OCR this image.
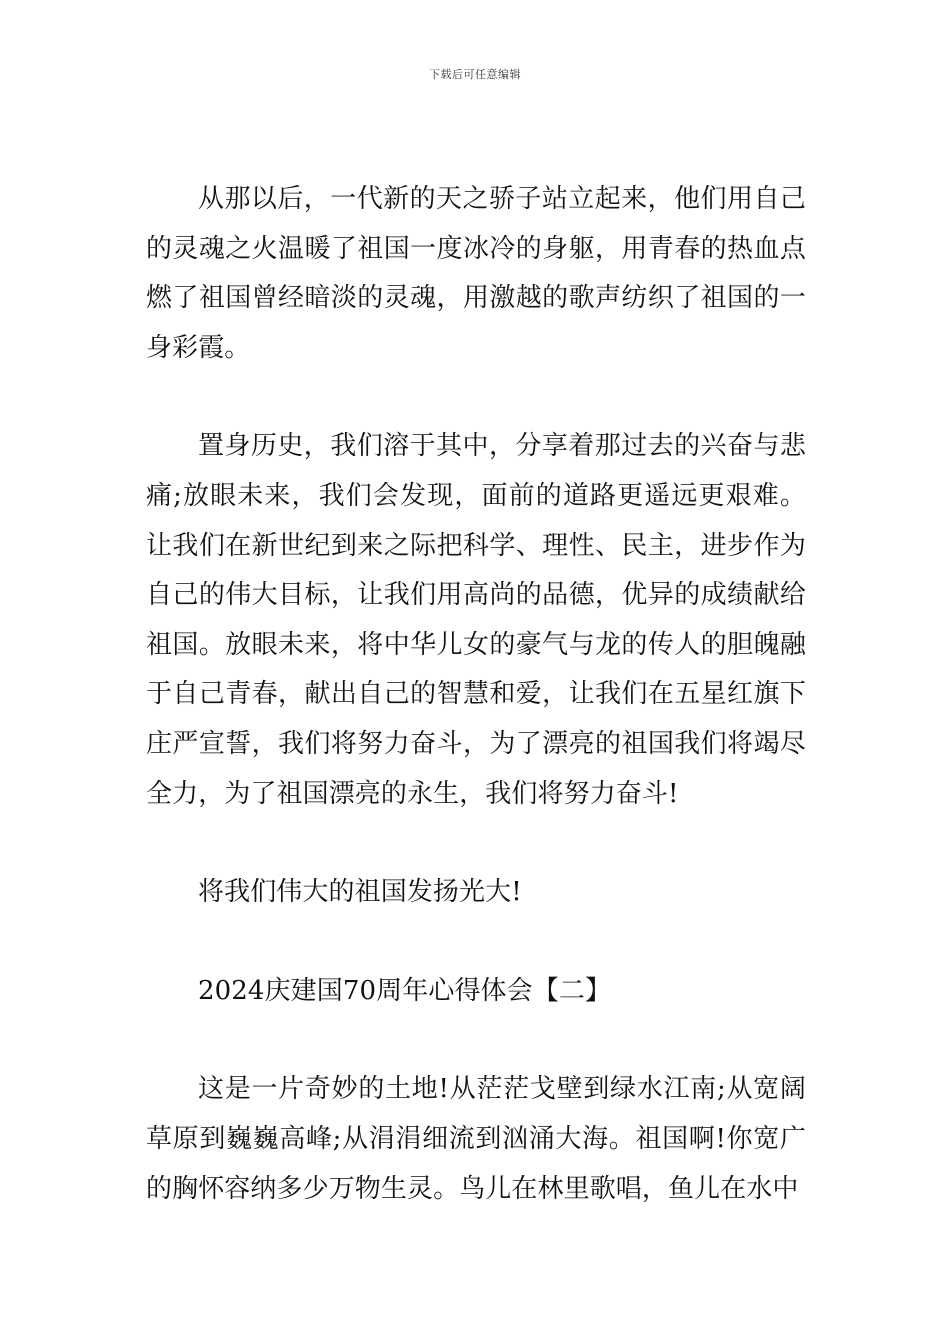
下载后可任意编辑

从那以后，一代新的天之骄子站立起来，他们用自己的灵魂之火温暖了祖国一度冰冷的身躯，用青春的热血点燃了祖国曾经暗淡的灵魂，用激越的歌声纺织了祖国的一身彩霞。

置身历史，我们溶于其中，分享着那过去的兴奋与悲痛;放眼未来，我们会发现，面前的道路更遥远更艰难。让我们在新世纪到来之际把科学、理性、民主，进步作为自己的伟大目标，让我们用高尚的品德，优异的成绩献给祖国。放眼未来，将中华儿女的豪气与龙的传人的胆魄融于自己青春，献出自己的智慧和爱，让我们在五星红旗下庄严宣誓，我们将努力奋斗，为了漂亮的祖国我们将竭尽全力，为了祖国漂亮的永生，我们将努力奋斗!

将我们伟大的祖国发扬光大!

2024庆建国70周年心得体会【二】

这是一片奇妙的土地!从茫茫戈壁到绿水江南;从宽阔草原到巍巍高峰;从涓涓细流到汹涌大海。祖国啊!你宽广的胸怀容纳多少万物生灵。鸟儿在林里歌唱，鱼儿在水中
